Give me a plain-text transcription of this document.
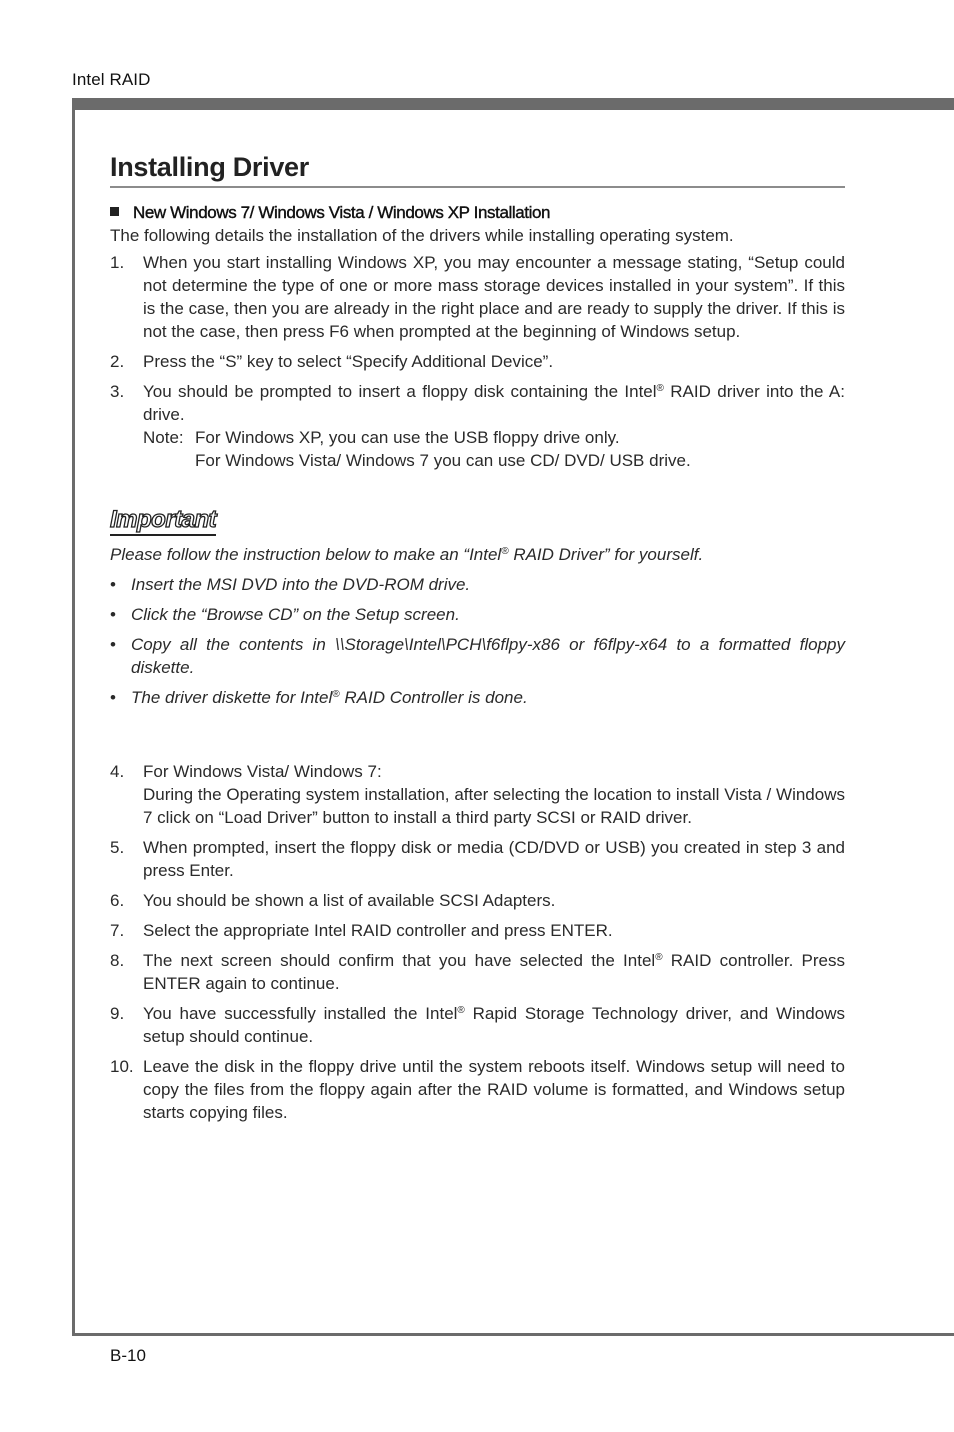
Intel RAID
B-10
Installing Driver
New Windows 7/ Windows Vista / Windows XP Installation
The following details the installation of the drivers while installing operating system.
1. When you start installing Windows XP, you may encounter a message stating, “Setup could not determine the type of one or more mass storage devices installed in your system”. If this is the case, then you are already in the right place and are ready to supply the driver. If this is not the case, then press F6 when prompted at the beginning of Windows setup.
2. Press the “S” key to select “Specify Additional Device”.
3. You should be prompted to insert a floppy disk containing the Intel® RAID driver into the A: drive.
Note: For Windows XP, you can use the USB floppy drive only.
For Windows Vista/ Windows 7 you can use CD/ DVD/ USB drive.
Important
Please follow the instruction below to make an “Intel® RAID Driver” for yourself.
• Insert the MSI DVD into the DVD-ROM drive.
• Click the “Browse CD” on the Setup screen.
• Copy all the contents in \\Storage\Intel\PCH\f6flpy-x86 or f6flpy-x64 to a formatted floppy diskette.
• The driver diskette for Intel® RAID Controller is done.
4. For Windows Vista/ Windows 7:
During the Operating system installation, after selecting the location to install Vista / Windows 7 click on “Load Driver” button to install a third party SCSI or RAID driver.
5. When prompted, insert the floppy disk or media (CD/DVD or USB) you created in step 3 and press Enter.
6. You should be shown a list of available SCSI Adapters.
7. Select the appropriate Intel RAID controller and press ENTER.
8. The next screen should confirm that you have selected the Intel® RAID controller. Press ENTER again to continue.
9. You have successfully installed the Intel® Rapid Storage Technology driver, and Windows setup should continue.
10. Leave the disk in the floppy drive until the system reboots itself. Windows setup will need to copy the files from the floppy again after the RAID volume is formatted, and Windows setup starts copying files.
